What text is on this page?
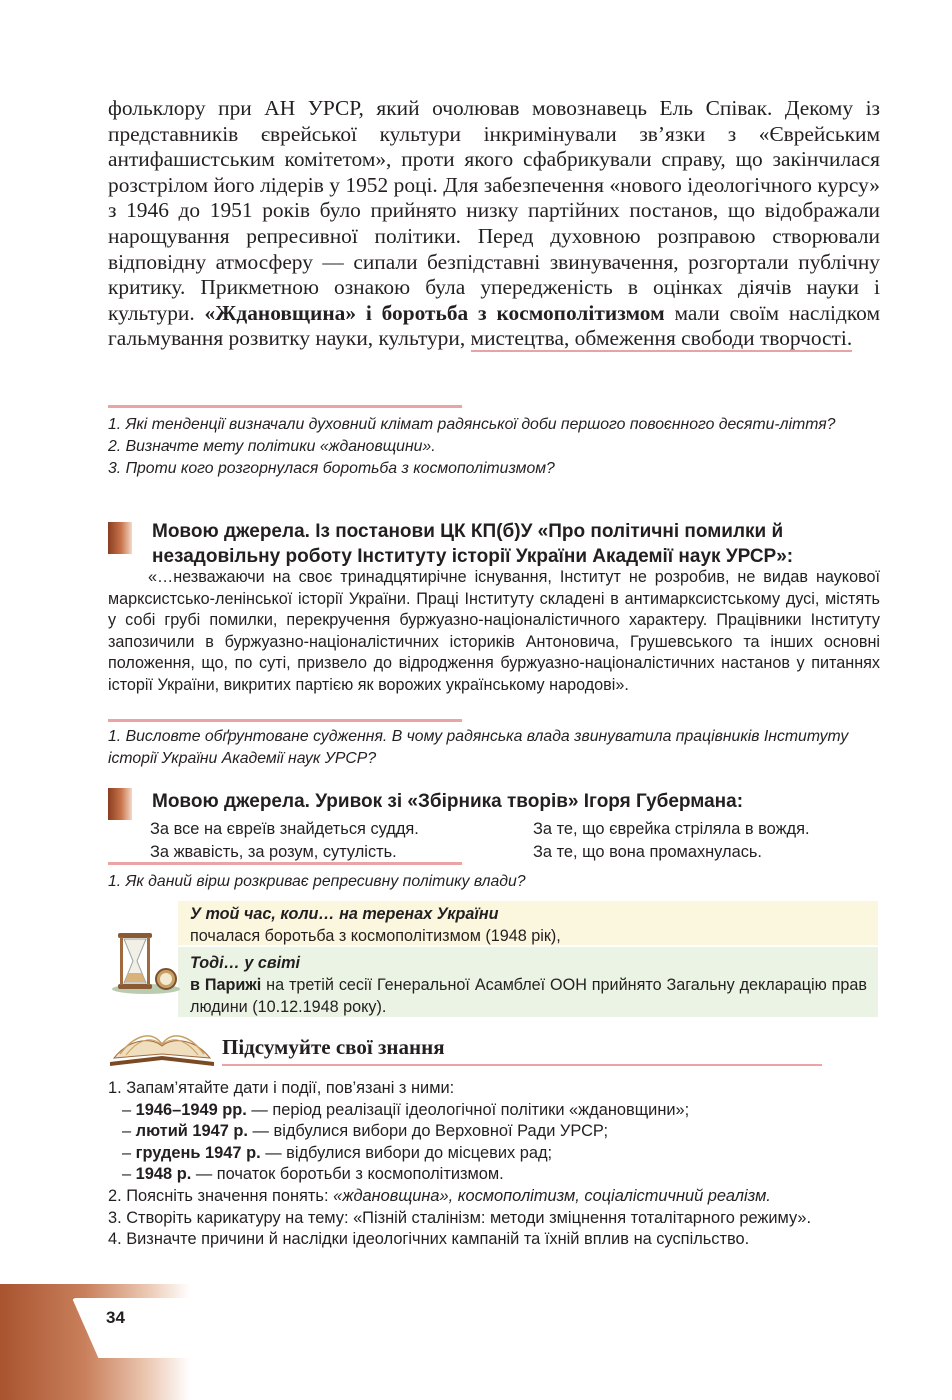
фольклору при АН УРСР, який очолював мовознавець Ель Співак. Декому із представників єврейської культури інкримінували зв’язки з «Єврейським антифашистським комітетом», проти якого сфабрикували справу, що закінчилася розстрілом його лідерів у 1952 році. Для забезпечення «нового ідеологічного курсу» з 1946 до 1951 років було прийнято низку партійних постанов, що відображали нарощування репресивної політики. Перед духовною розправою створювали відповідну атмосферу — сипали безпідставні звинувачення, розгортали публічну критику. Прикметною ознакою була упередженість в оцінках діячів науки і культури. «Ждановщина» і боротьба з космополітизмом мали своїм наслідком гальмування розвитку науки, культури, мистецтва, обмеження свободи творчості.

1. Які тенденції визначали духовний клімат радянської доби першого повоєнного десяти-ліття?

2. Визначте мету політики «ждановщини».

3. Проти кого розгорнулася боротьба з космополітизмом?

Мовою джерела. Із постанови ЦК КП(б)У «Про політичні помилки й незадовільну роботу Інституту історії України Академії наук УРСР»:

«…незважаючи на своє тринадцятирічне існування, Інститут не розробив, не видав наукової марксистсько-ленінської історії України. Праці Інституту складені в антимарксистському дусі, містять у собі грубі помилки, перекручення буржуазно-націоналістичного характеру. Працівники Інституту запозичили в буржуазно-націоналістичних істориків Антоновича, Грушевського та інших основні положення, що, по суті, призвело до відродження буржуазно-націоналістичних настанов у питаннях історії України, викритих партією як ворожих українському народові».

1. Висловте обґрунтоване судження. В чому радянська влада звинуватила працівників Інституту історії України Академії наук УРСР?

Мовою джерела. Уривок зі «Збірника творів» Ігоря Губермана:

За все на євреїв знайдеться суддя.
За жвавість, за розум, сутулість.
За те, що єврейка стріляла в вождя.
За те, що вона промахнулась.

1. Як даний вірш розкриває репресивну політику влади?

У той час, коли… на теренах України
почалася боротьба з космополітизмом (1948 рік),
Тоді… у світі

в Парижі на третій сесії Генеральної Асамблеї ООН прийнято Загальну декларацію прав людини (10.12.1948 року).

Підсумуйте свої знання
1. Запам’ятайте дати і події, пов’язані з ними:
– 1946–1949 рр. — період реалізації ідеологічної політики «ждановщини»;
– лютий 1947 р. — відбулися вибори до Верховної Ради УРСР;
– грудень 1947 р. — відбулися вибори до місцевих рад;
– 1948 р. — початок боротьби з космополітизмом.
2. Поясніть значення понять: «ждановщина», космополітизм, соціалістичний реалізм.
3. Створіть карикатуру на тему: «Пізній сталінізм: методи зміцнення тоталітарного режиму».
4. Визначте причини й наслідки ідеологічних кампаній та їхній вплив на суспільство.
34
